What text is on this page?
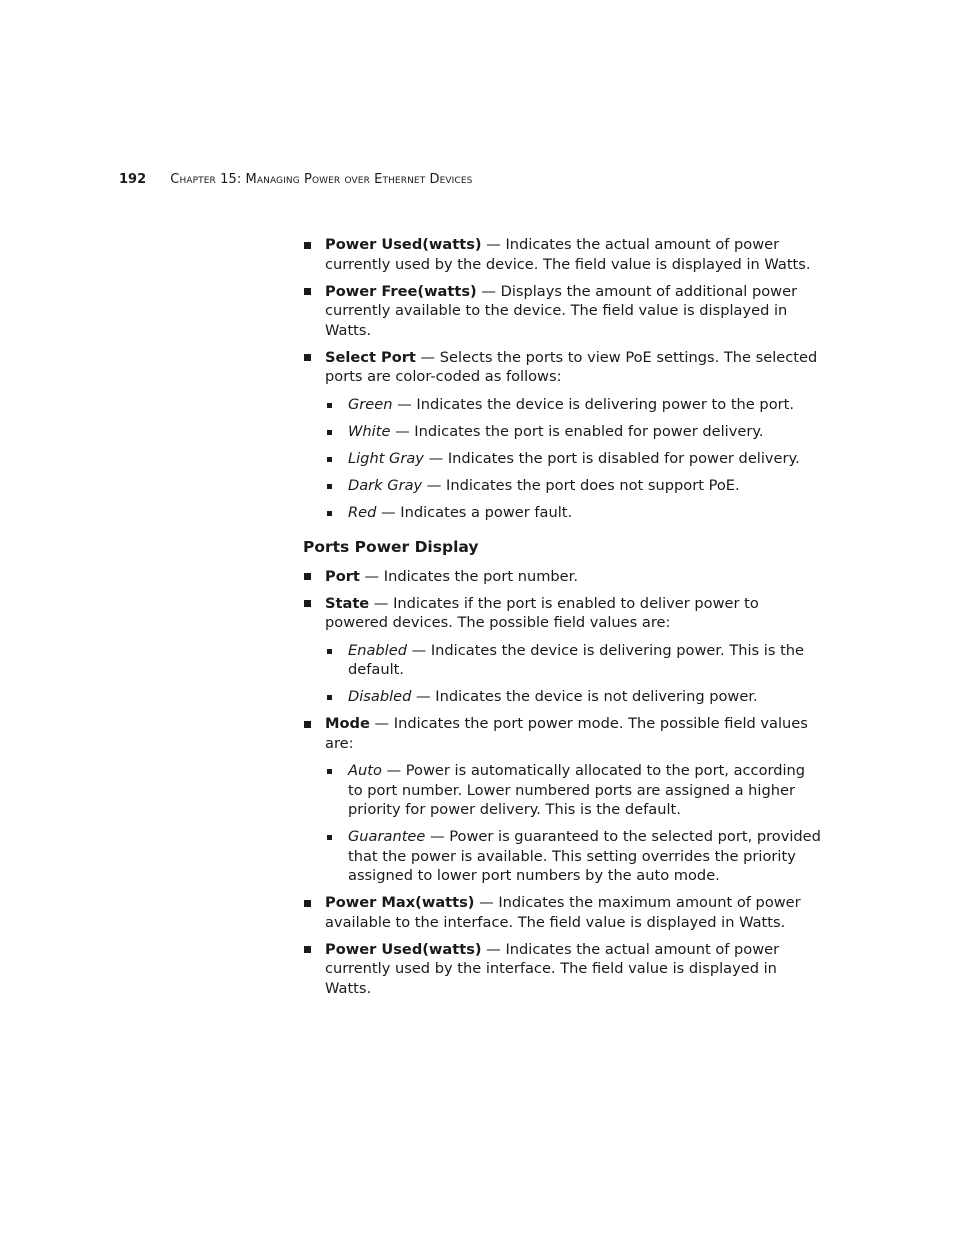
192 Chapter 15: Managing Power over Ethernet Devices
Power Used(watts) — Indicates the actual amount of power currently used by the device. The field value is displayed in Watts.
Power Free(watts) — Displays the amount of additional power currently available to the device. The field value is displayed in Watts.
Select Port — Selects the ports to view PoE settings. The selected ports are color-coded as follows:
Green — Indicates the device is delivering power to the port.
White — Indicates the port is enabled for power delivery.
Light Gray — Indicates the port is disabled for power delivery.
Dark Gray — Indicates the port does not support PoE.
Red — Indicates a power fault.
Ports Power Display
Port — Indicates the port number.
State — Indicates if the port is enabled to deliver power to powered devices. The possible field values are:
Enabled — Indicates the device is delivering power. This is the default.
Disabled — Indicates the device is not delivering power.
Mode — Indicates the port power mode. The possible field values are:
Auto — Power is automatically allocated to the port, according to port number. Lower numbered ports are assigned a higher priority for power delivery. This is the default.
Guarantee — Power is guaranteed to the selected port, provided that the power is available. This setting overrides the priority assigned to lower port numbers by the auto mode.
Power Max(watts) — Indicates the maximum amount of power available to the interface. The field value is displayed in Watts.
Power Used(watts) — Indicates the actual amount of power currently used by the interface. The field value is displayed in Watts.
